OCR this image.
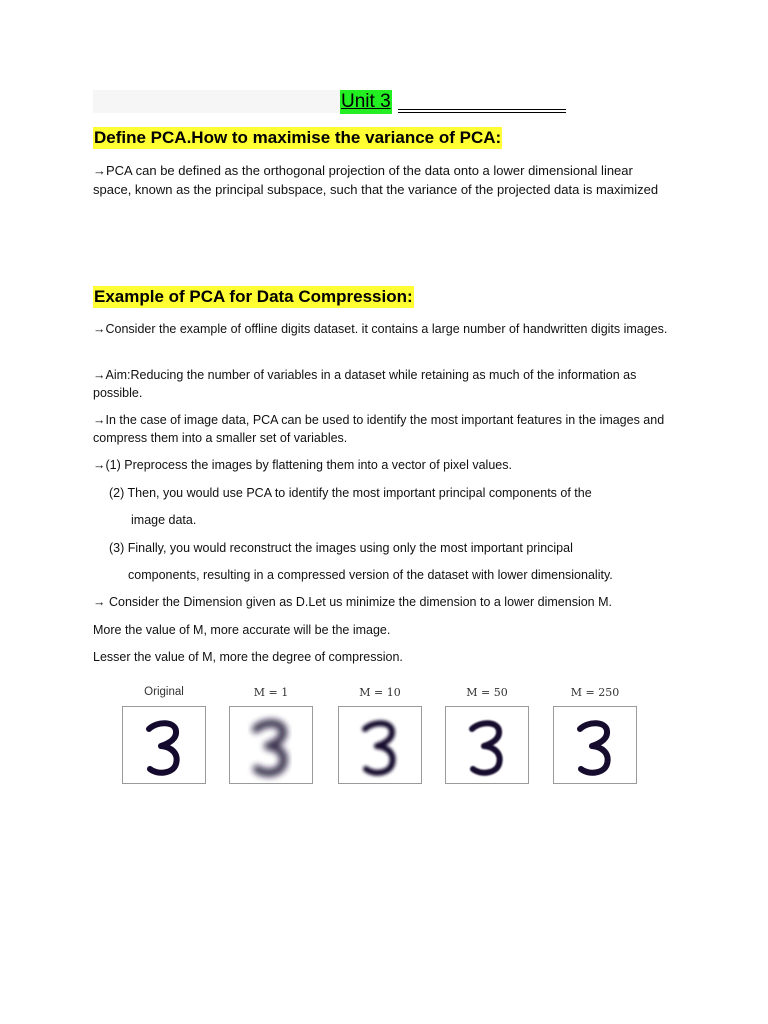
Unit 3
Define PCA.How to maximise the variance of PCA:
→PCA can be defined as the orthogonal projection of the data onto a lower dimensional linear space, known as the principal subspace, such that the variance of the projected data is maximized
Example of PCA for Data Compression:
→Consider the example of offline digits dataset. it contains a large number of handwritten digits images.
→Aim:Reducing the number of variables in a dataset while retaining as much of the information as possible.
→In the case of image data, PCA can be used to identify the most important features in the images and compress them into a smaller set of variables.
→(1) Preprocess the images by flattening them into a vector of pixel values.
(2) Then, you would use PCA to identify the most important principal components of the
image data.
(3) Finally, you would reconstruct the images using only the most important principal
components, resulting in a compressed version of the dataset with lower dimensionality.
→ Consider the Dimension given as D.Let us minimize the dimension to a lower dimension M.
More the value of M, more accurate will be the image.
Lesser the value of M, more the degree of compression.
Original	M = 1	M = 10	M = 50	M = 250
